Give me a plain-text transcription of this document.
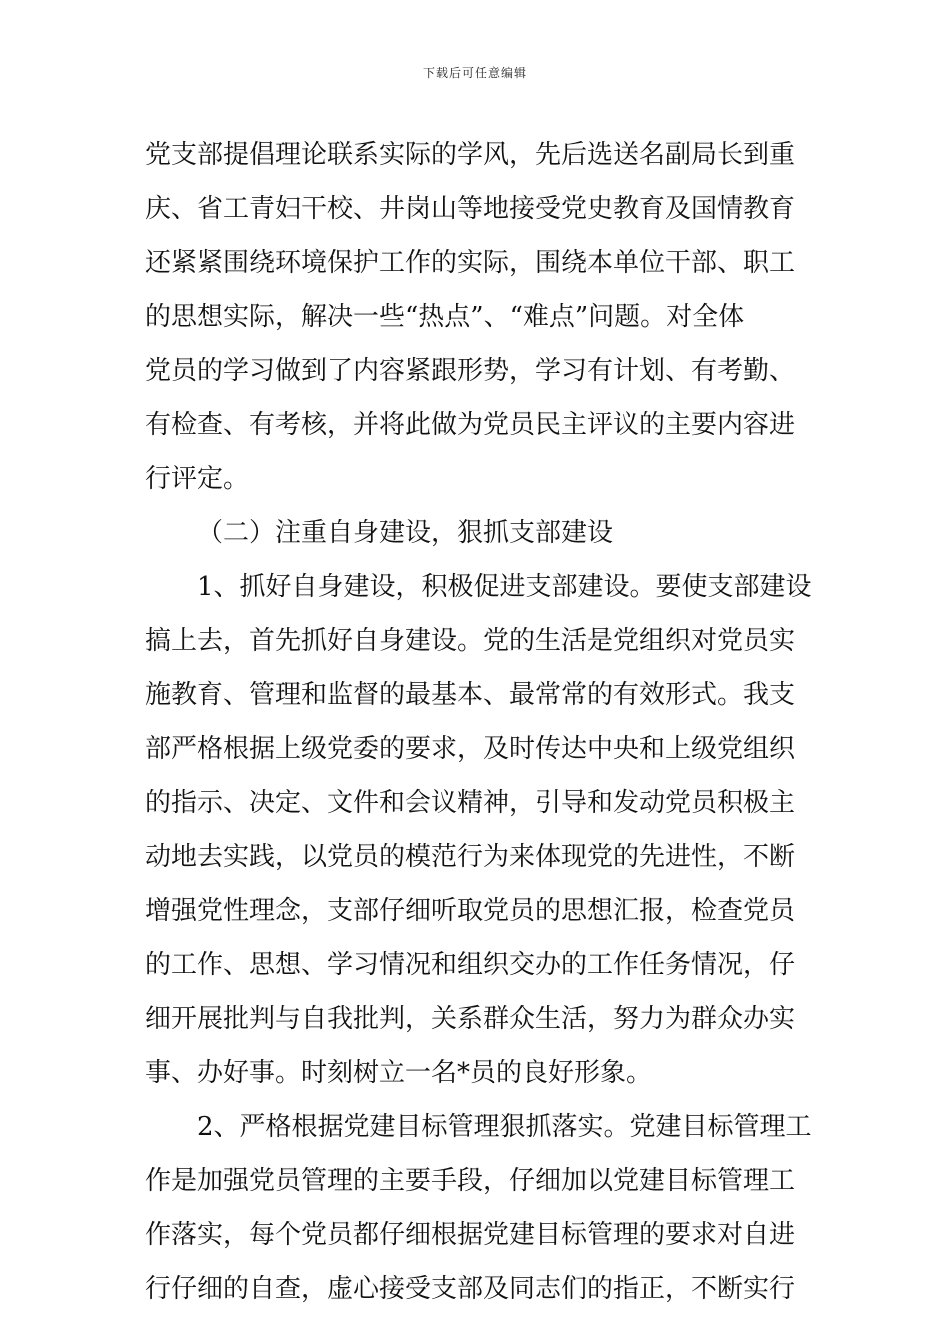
下载后可任意编辑
党支部提倡理论联系实际的学风，先后选送名副局长到重
庆、省工青妇干校、井岗山等地接受党史教育及国情教育
还紧紧围绕环境保护工作的实际，围绕本单位干部、职工
的思想实际，解决一些“热点”、“难点”问题。对全体
党员的学习做到了内容紧跟形势，学习有计划、有考勤、
有检查、有考核，并将此做为党员民主评议的主要内容进
行评定。
（二）注重自身建设，狠抓支部建设
1、抓好自身建设，积极促进支部建设。要使支部建设
搞上去，首先抓好自身建设。党的生活是党组织对党员实
施教育、管理和监督的最基本、最常常的有效形式。我支
部严格根据上级党委的要求，及时传达中央和上级党组织
的指示、决定、文件和会议精神，引导和发动党员积极主
动地去实践，以党员的模范行为来体现党的先进性，不断
增强党性理念，支部仔细听取党员的思想汇报，检查党员
的工作、思想、学习情况和组织交办的工作任务情况，仔
细开展批判与自我批判，关系群众生活，努力为群众办实
事、办好事。时刻树立一名*员的良好形象。
2、严格根据党建目标管理狠抓落实。党建目标管理工
作是加强党员管理的主要手段，仔细加以党建目标管理工
作落实，每个党员都仔细根据党建目标管理的要求对自进
行仔细的自查，虚心接受支部及同志们的指正，不断实行
